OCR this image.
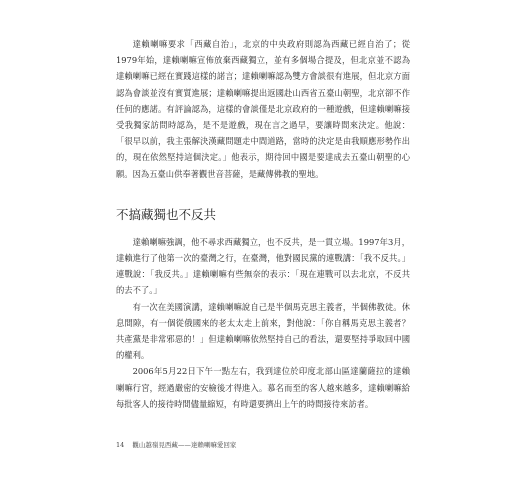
達賴喇嘛要求「西藏自治」，北京的中央政府則認為西藏已經自治了；從1979年始，達賴喇嘛宣佈放棄西藏獨立，並有多個場合提及，但北京並不認為達賴喇嘛已經在實踐這樣的諾言；達賴喇嘛認為雙方會談很有進展，但北京方面認為會談並沒有實質進展；達賴喇嘛提出返國赴山西省五臺山朝聖，北京卻不作任何的應諾。有評論認為，這樣的會談僅是北京政府的一種遊戲，但達賴喇嘛接受我獨家訪問時認為，是不是遊戲，現在言之過早，要讓時間來決定。他說：「很早以前，我主張解決漢藏問題走中間道路，當時的決定是由我順應形勢作出的，現在依然堅持這個決定。」他表示，期待回中國是要達成去五臺山朝聖的心願。因為五臺山供奉著觀世音菩薩，是藏傳佛教的聖地。

不搞藏獨也不反共

達賴喇嘛強調，他不尋求西藏獨立，也不反共，是一貫立場。1997年3月，達賴進行了他第一次的臺灣之行，在臺灣，他對國民黨的連戰講：「我不反共。」連戰說：「我反共。」達賴喇嘛有些無奈的表示：「現在連戰可以去北京，不反共的去不了。」

有一次在美國演講，達賴喇嘛說自己是半個馬克思主義者，半個佛教徒。休息間隙，有一個從俄國來的老太太走上前來，對他說：「你自稱馬克思主義者？共產黨是非常邪惡的！」但達賴喇嘛依然堅持自己的看法，還要堅持爭取回中國的權利。

2006年5月22日下午一點左右，我到達位於印度北部山區達蘭薩拉的達賴喇嘛行宮，經過嚴密的安檢後才得進入。慕名而至的客人越來越多，達賴喇嘛給每批客人的接待時間儘量縮短，有時還要擠出上午的時間接待來訪者。

14 觀山越嶺見西藏——達賴喇嘛愛回家
